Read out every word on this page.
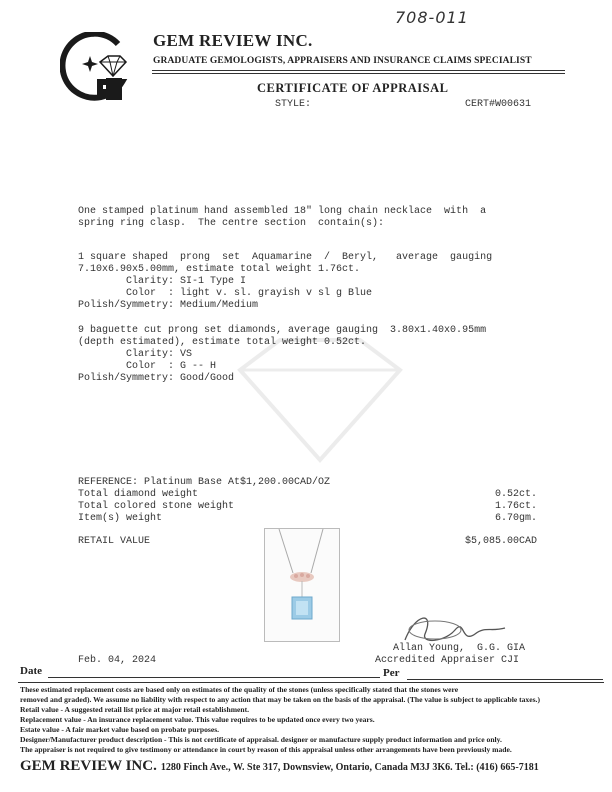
708-011
GEM REVIEW INC.
GRADUATE GEMOLOGISTS, APPRAISERS AND INSURANCE CLAIMS SPECIALIST
CERTIFICATE OF APPRAISAL
STYLE:	CERT#W00631
One stamped platinum hand assembled 18" long chain necklace  with  a
spring ring clasp.  The centre section  contain(s):
1 square shaped  prong  set  Aquamarine  /  Beryl,   average  gauging
7.10x6.90x5.00mm, estimate total weight 1.76ct.
Clarity: SI-1 Type I
Color  : light v. sl. grayish v sl g Blue
Polish/Symmetry: Medium/Medium
9 baguette cut prong set diamonds, average gauging  3.80x1.40x0.95mm
(depth estimated), estimate total weight 0.52ct.
Clarity: VS
Color  : G -- H
Polish/Symmetry: Good/Good
REFERENCE: Platinum Base At$1,200.00CAD/OZ
Total diamond weight	0.52ct.
Total colored stone weight	1.76ct.
Item(s) weight	6.70gm.
RETAIL VALUE	$5,085.00CAD
Allan Young,  G.G. GIA
Accredited Appraiser CJI
Feb. 04, 2024
Date	Per
These estimated replacement costs are based only on estimates of the quality of the stones (unless specifically stated that the stones were
removed and graded). We assume no liability with respect to any action that may be taken on the basis of the appraisal. (The value is subject to applicable taxes.)
Retail value - A suggested retail list price at major retail establishment.
Replacement value - An insurance replacement value. This value requires to be updated once every two years.
Estate value - A fair market value based on probate purposes.
Designer/Manufacturer product description - This is not certificate of appraisal. designer or manufacture supply product information and price only.
The appraiser is not required to give testimony or attendance in court by reason of this appraisal unless other arrangements have been previously made.
GEM REVIEW INC. 1280 Finch Ave., W. Ste 317, Downsview, Ontario, Canada M3J 3K6. Tel.: (416) 665-7181
